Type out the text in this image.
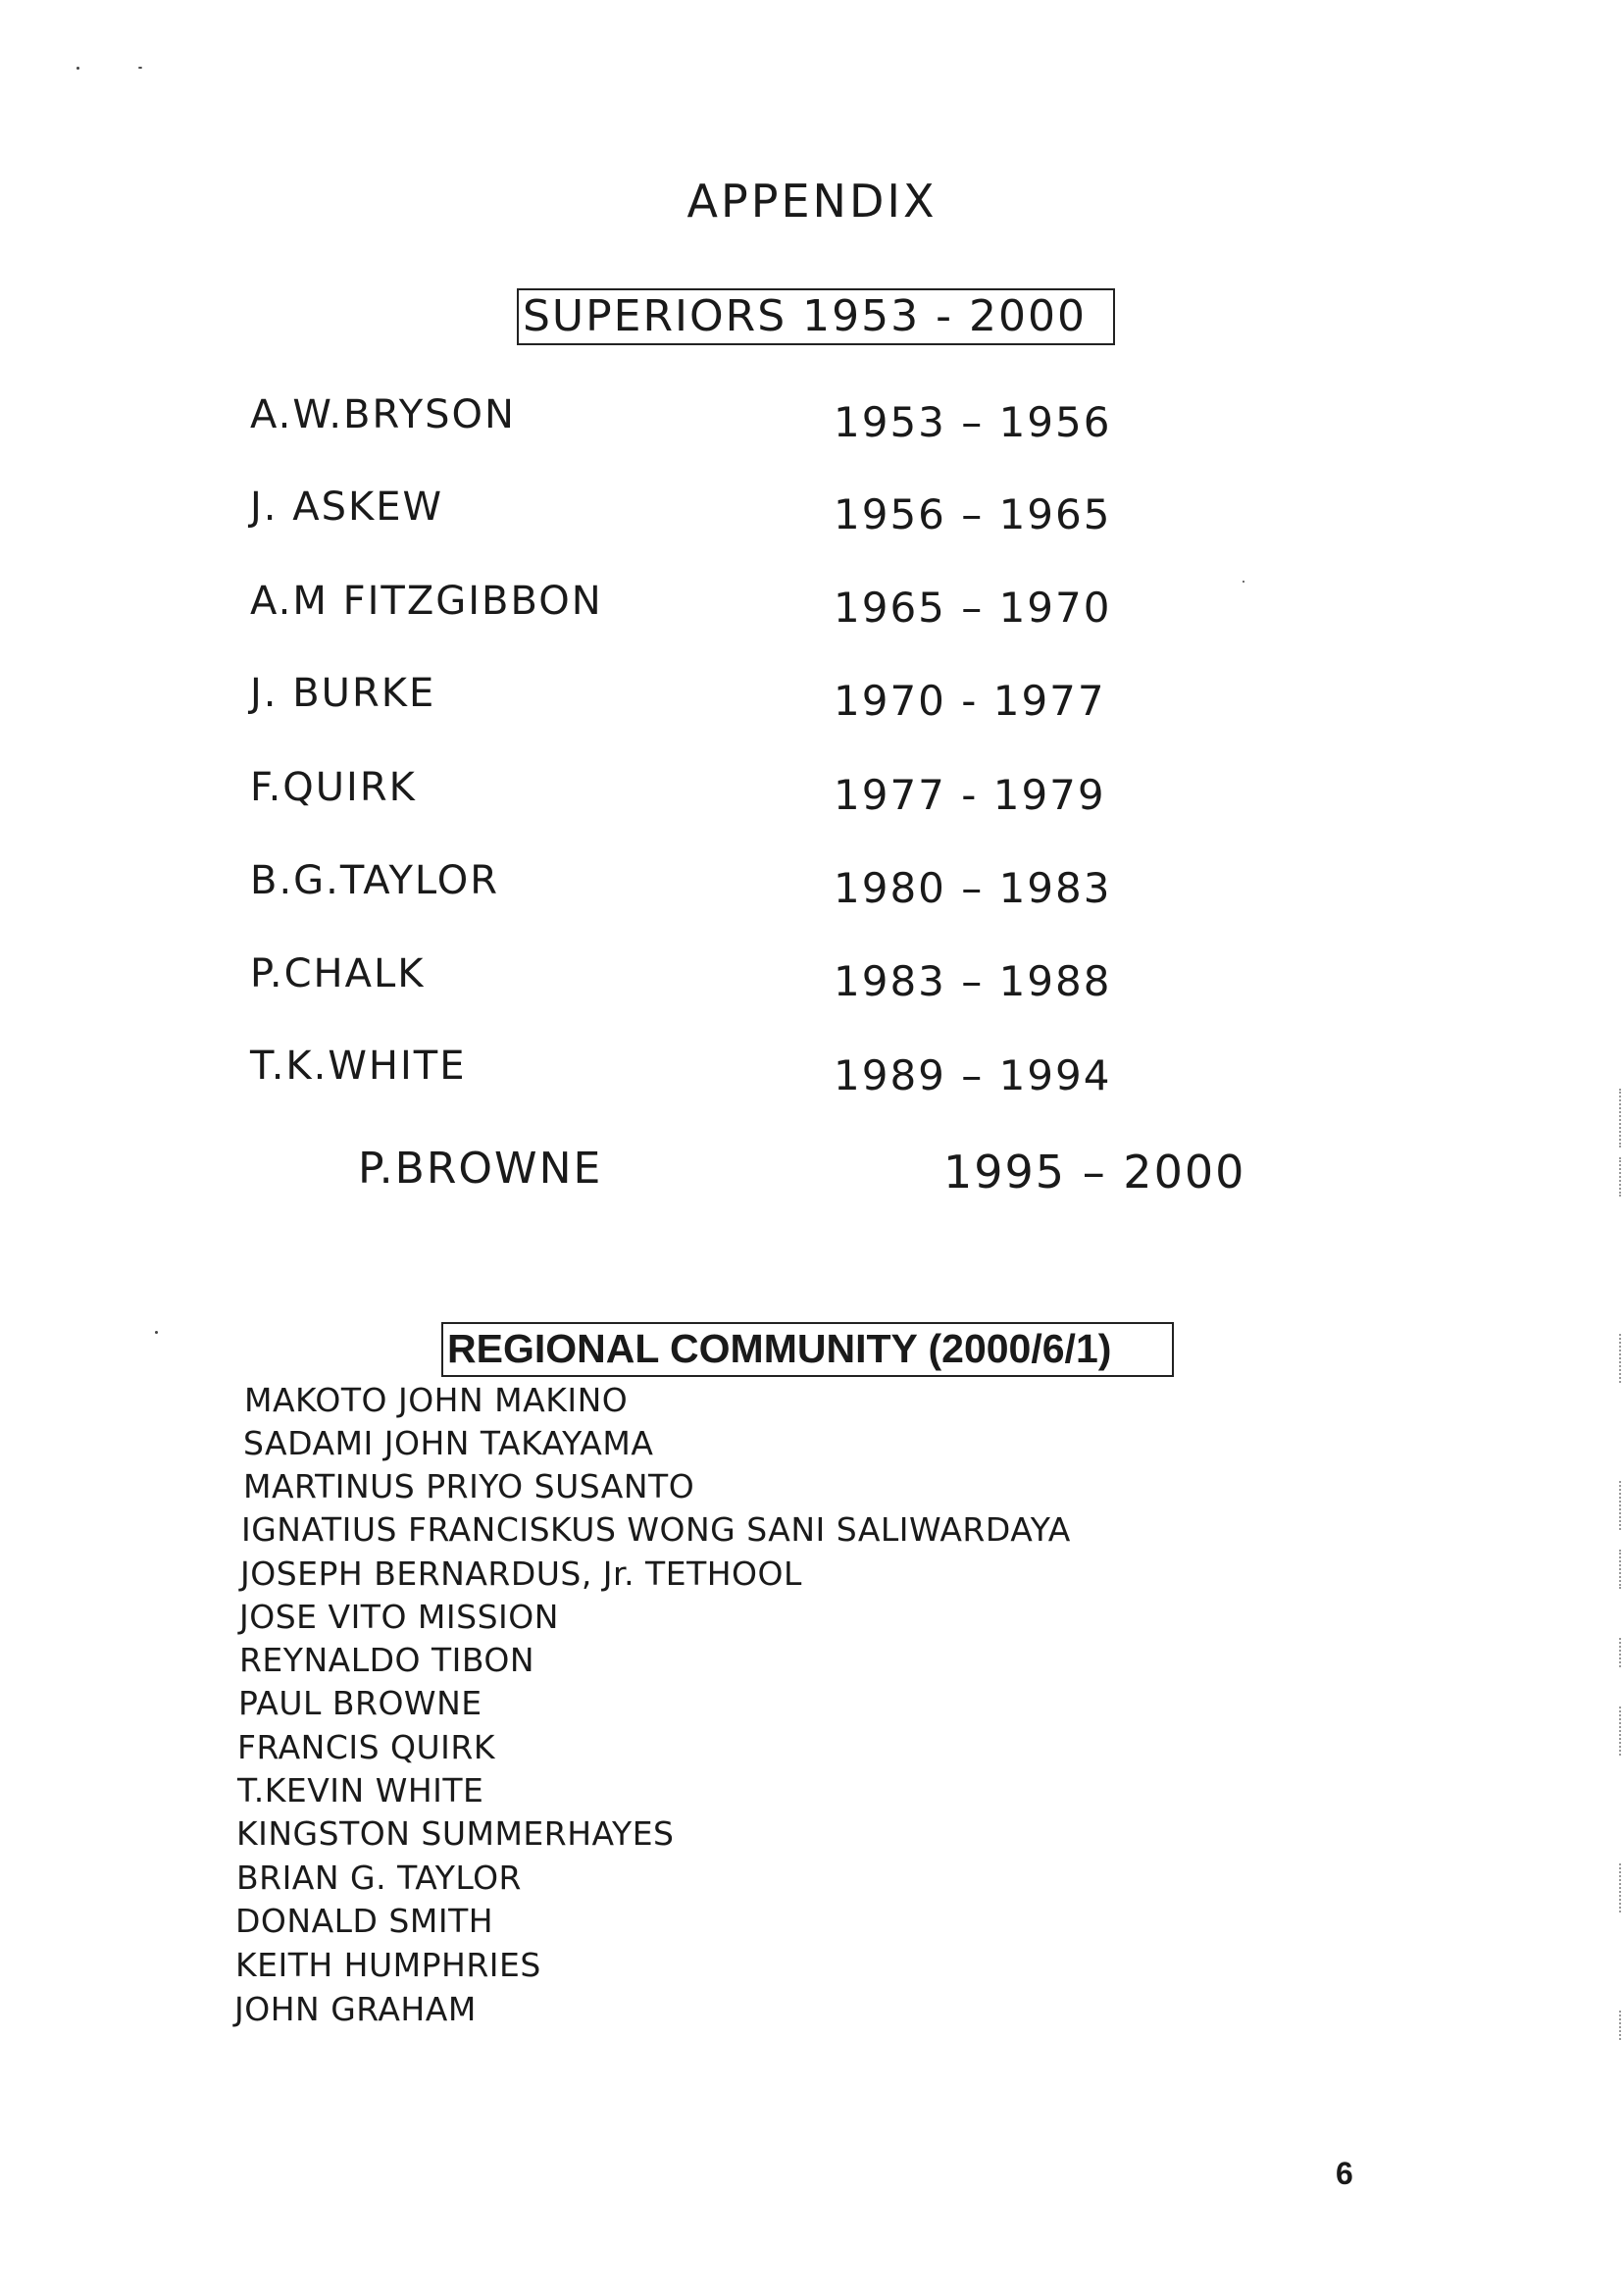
APPENDIX
SUPERIORS 1953 - 2000
A.W.BRYSON	1953 – 1956
J. ASKEW	1956 – 1965
A.M FITZGIBBON	1965 – 1970
J. BURKE	1970 - 1977
F.QUIRK	1977 - 1979
B.G.TAYLOR	1980 – 1983
P.CHALK	1983 – 1988
T.K.WHITE	1989 – 1994
P.BROWNE	1995 – 2000
REGIONAL COMMUNITY (2000/6/1)
MAKOTO JOHN MAKINO
SADAMI JOHN TAKAYAMA
MARTINUS PRIYO SUSANTO
IGNATIUS FRANCISKUS WONG SANI SALIWARDAYA
JOSEPH BERNARDUS, Jr. TETHOOL
JOSE VITO MISSION
REYNALDO TIBON
PAUL BROWNE
FRANCIS QUIRK
T.KEVIN WHITE
KINGSTON SUMMERHAYES
BRIAN G. TAYLOR
DONALD SMITH
KEITH HUMPHRIES
JOHN GRAHAM
6
